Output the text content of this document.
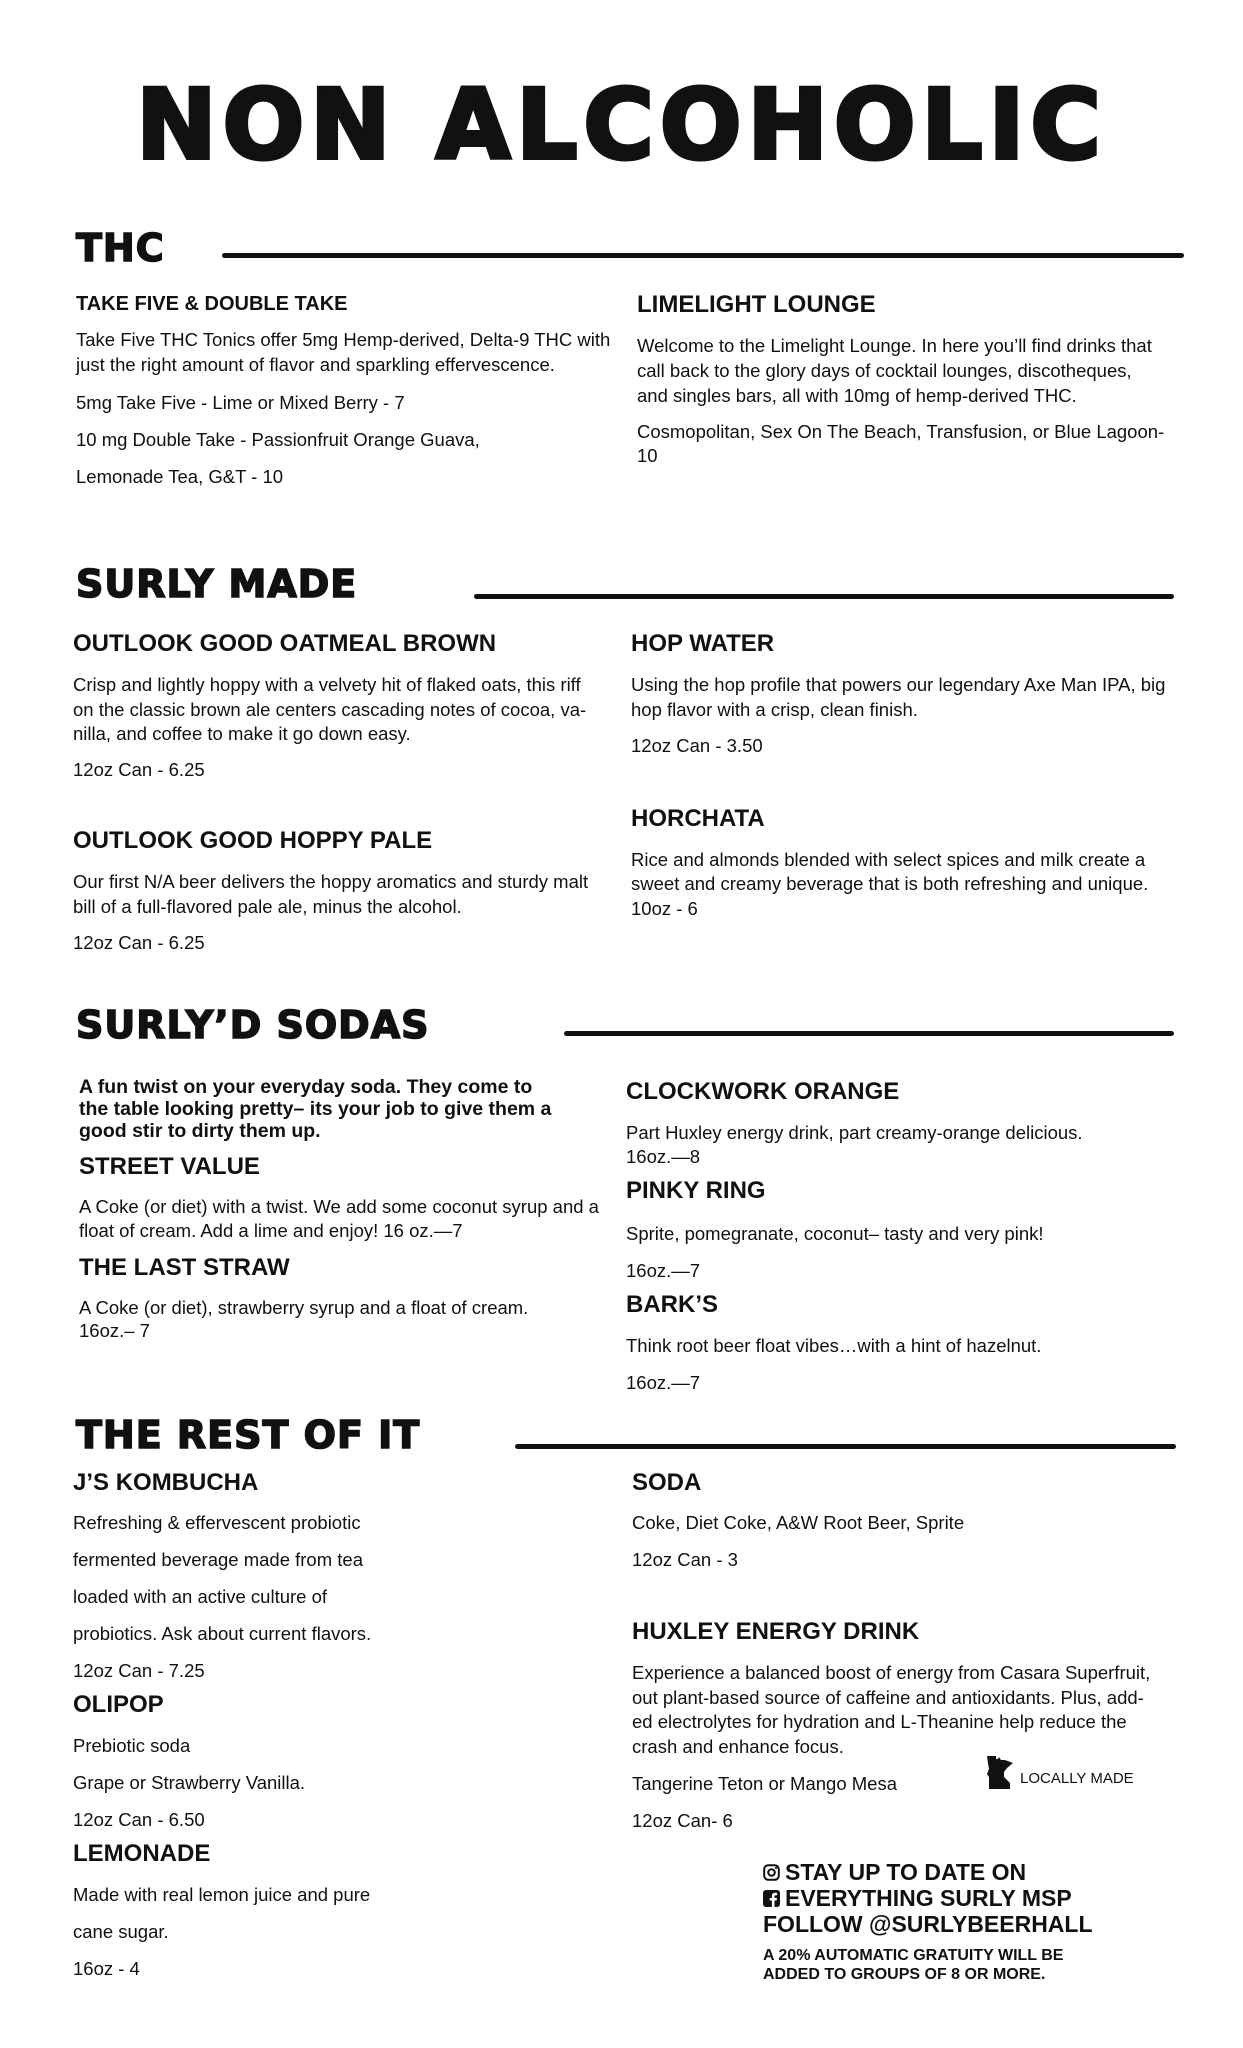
NON ALCOHOLIC
THC
TAKE FIVE & DOUBLE TAKE

Take Five THC Tonics offer 5mg Hemp-derived, Delta-9 THC with

just the right amount of flavor and sparkling effervescence.

5mg Take Five - Lime or Mixed Berry - 7

10 mg Double Take - Passionfruit Orange Guava,

Lemonade Tea, G&T - 10

LIMELIGHT LOUNGE

Welcome to the Limelight Lounge. In here you’ll find drinks that

call back to the glory days of cocktail lounges, discotheques,

and singles bars, all with 10mg of hemp-derived THC.

Cosmopolitan, Sex On The Beach, Transfusion, or Blue Lagoon-

10

SURLY MADE
OUTLOOK GOOD OATMEAL BROWN

Crisp and lightly hoppy with a velvety hit of flaked oats, this riff

on the classic brown ale centers cascading notes of cocoa, va-

nilla, and coffee to make it go down easy.

12oz Can - 6.25

HOP WATER

Using the hop profile that powers our legendary Axe Man IPA, big

hop flavor with a crisp, clean finish.

12oz Can - 3.50

HORCHATA

Rice and almonds blended with select spices and milk create a

sweet and creamy beverage that is both refreshing and unique.

10oz - 6

OUTLOOK GOOD HOPPY PALE

Our first N/A beer delivers the hoppy aromatics and sturdy malt

bill of a full-flavored pale ale, minus the alcohol.

12oz Can - 6.25

SURLY’D SODAS

A fun twist on your everyday soda. They come to

the table looking pretty– its your job to give them a

good stir to dirty them up.

STREET VALUE

A Coke (or diet) with a twist. We add some coconut syrup and a

float of cream. Add a lime and enjoy! 16 oz.—7

THE LAST STRAW

A Coke (or diet), strawberry syrup and a float of cream.

16oz.– 7

CLOCKWORK ORANGE

Part Huxley energy drink, part creamy-orange delicious.

16oz.—8

PINKY RING

Sprite, pomegranate, coconut– tasty and very pink!

16oz.—7

BARK’S

Think root beer float vibes…with a hint of hazelnut.

16oz.—7

THE REST OF IT
J’S KOMBUCHA

Refreshing & effervescent probiotic

fermented beverage made from tea

loaded with an active culture of

probiotics. Ask about current flavors.

12oz Can - 7.25

OLIPOP

Prebiotic soda

Grape or Strawberry Vanilla.

12oz Can - 6.50

LEMONADE

Made with real lemon juice and pure

cane sugar.

16oz - 4

SODA

Coke, Diet Coke, A&W Root Beer, Sprite

12oz Can - 3

HUXLEY ENERGY DRINK

Experience a balanced boost of energy from Casara Superfruit,

out plant-based source of caffeine and antioxidants. Plus, add-

ed electrolytes for hydration and L-Theanine help reduce the

crash and enhance focus.

Tangerine Teton or Mango Mesa

12oz Can- 6

LOCALLY MADE
STAY UP TO DATE ON
EVERYTHING SURLY MSP
FOLLOW @SURLYBEERHALL
A 20% AUTOMATIC GRATUITY WILL BE
ADDED TO GROUPS OF 8 OR MORE.
